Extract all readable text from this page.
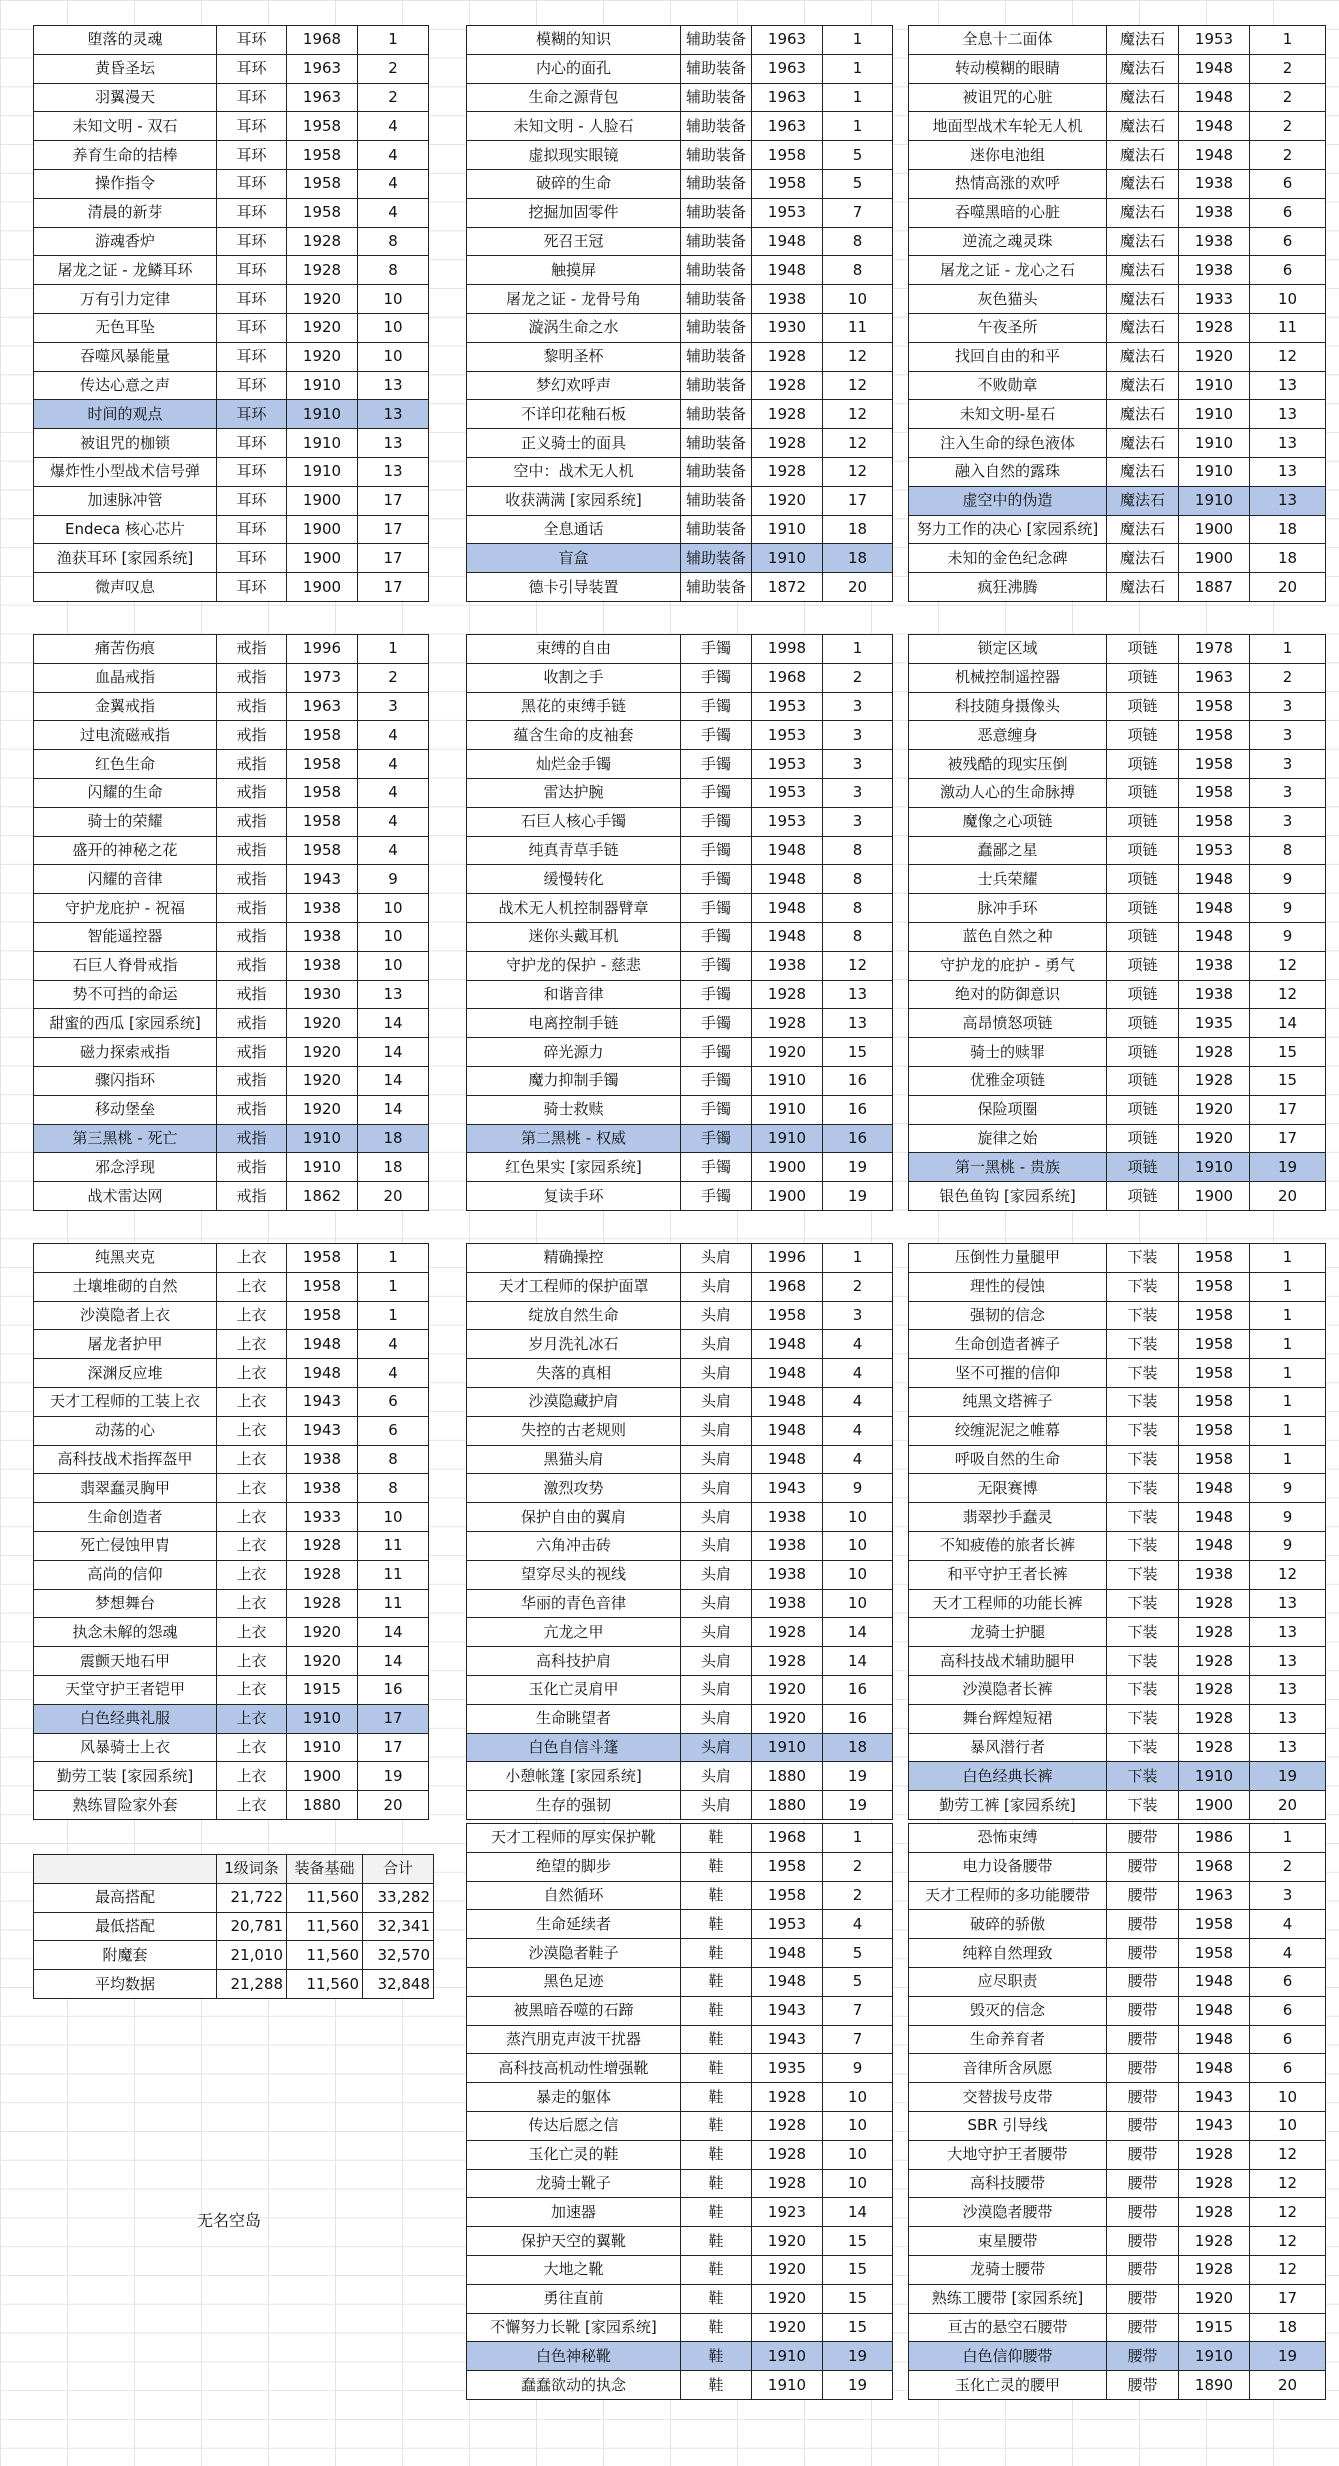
无名空岛
	1级词条	装备基础	合计
最高搭配	21,722	11,560	33,282
最低搭配	20,781	11,560	32,341
附魔套	21,010	11,560	32,570
平均数据	21,288	11,560	32,848
堕落的灵魂	耳环	1968	1
黄昏圣坛	耳环	1963	2
羽翼漫天	耳环	1963	2
未知文明 - 双石	耳环	1958	4
养育生命的拮棒	耳环	1958	4
操作指令	耳环	1958	4
清晨的新芽	耳环	1958	4
游魂香炉	耳环	1928	8
屠龙之证 - 龙鳞耳环	耳环	1928	8
万有引力定律	耳环	1920	10
无色耳坠	耳环	1920	10
吞噬风暴能量	耳环	1920	10
传达心意之声	耳环	1910	13
时间的观点	耳环	1910	13
被诅咒的枷锁	耳环	1910	13
爆炸性小型战术信号弹	耳环	1910	13
加速脉冲管	耳环	1900	17
Endeca 核心芯片	耳环	1900	17
渔获耳环 [家园系统]	耳环	1900	17
微声叹息	耳环	1900	17
模糊的知识	辅助装备	1963	1
内心的面孔	辅助装备	1963	1
生命之源背包	辅助装备	1963	1
未知文明 - 人脸石	辅助装备	1963	1
虚拟现实眼镜	辅助装备	1958	5
破碎的生命	辅助装备	1958	5
挖掘加固零件	辅助装备	1953	7
死召王冠	辅助装备	1948	8
触摸屏	辅助装备	1948	8
屠龙之证 - 龙骨号角	辅助装备	1938	10
漩涡生命之水	辅助装备	1930	11
黎明圣杯	辅助装备	1928	12
梦幻欢呼声	辅助装备	1928	12
不详印花釉石板	辅助装备	1928	12
正义骑士的面具	辅助装备	1928	12
空中：战术无人机	辅助装备	1928	12
收获满满 [家园系统]	辅助装备	1920	17
全息通话	辅助装备	1910	18
盲盒	辅助装备	1910	18
德卡引导装置	辅助装备	1872	20
全息十二面体	魔法石	1953	1
转动模糊的眼睛	魔法石	1948	2
被诅咒的心脏	魔法石	1948	2
地面型战术车轮无人机	魔法石	1948	2
迷你电池组	魔法石	1948	2
热情高涨的欢呼	魔法石	1938	6
吞噬黑暗的心脏	魔法石	1938	6
逆流之魂灵珠	魔法石	1938	6
屠龙之证 - 龙心之石	魔法石	1938	6
灰色猫头	魔法石	1933	10
午夜圣所	魔法石	1928	11
找回自由的和平	魔法石	1920	12
不败勋章	魔法石	1910	13
未知文明-星石	魔法石	1910	13
注入生命的绿色液体	魔法石	1910	13
融入自然的露珠	魔法石	1910	13
虚空中的伪造	魔法石	1910	13
努力工作的决心 [家园系统]	魔法石	1900	18
未知的金色纪念碑	魔法石	1900	18
疯狂沸腾	魔法石	1887	20
痛苦伤痕	戒指	1996	1
血晶戒指	戒指	1973	2
金翼戒指	戒指	1963	3
过电流磁戒指	戒指	1958	4
红色生命	戒指	1958	4
闪耀的生命	戒指	1958	4
骑士的荣耀	戒指	1958	4
盛开的神秘之花	戒指	1958	4
闪耀的音律	戒指	1943	9
守护龙庇护 - 祝福	戒指	1938	10
智能遥控器	戒指	1938	10
石巨人脊骨戒指	戒指	1938	10
势不可挡的命运	戒指	1930	13
甜蜜的西瓜 [家园系统]	戒指	1920	14
磁力探索戒指	戒指	1920	14
骤闪指环	戒指	1920	14
移动堡垒	戒指	1920	14
第三黑桃 - 死亡	戒指	1910	18
邪念浮现	戒指	1910	18
战术雷达网	戒指	1862	20
束缚的自由	手镯	1998	1
收割之手	手镯	1968	2
黑花的束缚手链	手镯	1953	3
蕴含生命的皮袖套	手镯	1953	3
灿烂金手镯	手镯	1953	3
雷达护腕	手镯	1953	3
石巨人核心手镯	手镯	1953	3
纯真青草手链	手镯	1948	8
缓慢转化	手镯	1948	8
战术无人机控制器臂章	手镯	1948	8
迷你头戴耳机	手镯	1948	8
守护龙的保护 - 慈悲	手镯	1938	12
和谐音律	手镯	1928	13
电离控制手链	手镯	1928	13
碎光源力	手镯	1920	15
魔力抑制手镯	手镯	1910	16
骑士救赎	手镯	1910	16
第二黑桃 - 权威	手镯	1910	16
红色果实 [家园系统]	手镯	1900	19
复读手环	手镯	1900	19
锁定区域	项链	1978	1
机械控制遥控器	项链	1963	2
科技随身摄像头	项链	1958	3
恶意缠身	项链	1958	3
被残酷的现实压倒	项链	1958	3
激动人心的生命脉搏	项链	1958	3
魔像之心项链	项链	1958	3
蠢鄙之星	项链	1953	8
士兵荣耀	项链	1948	9
脉冲手环	项链	1948	9
蓝色自然之种	项链	1948	9
守护龙的庇护 - 勇气	项链	1938	12
绝对的防御意识	项链	1938	12
高昂愤怒项链	项链	1935	14
骑士的赎罪	项链	1928	15
优雅金项链	项链	1928	15
保险项圈	项链	1920	17
旋律之始	项链	1920	17
第一黑桃 - 贵族	项链	1910	19
银色鱼钩 [家园系统]	项链	1900	20
纯黑夹克	上衣	1958	1
土壤堆砌的自然	上衣	1958	1
沙漠隐者上衣	上衣	1958	1
屠龙者护甲	上衣	1948	4
深渊反应堆	上衣	1948	4
天才工程师的工装上衣	上衣	1943	6
动荡的心	上衣	1943	6
高科技战术指挥盔甲	上衣	1938	8
翡翠蠢灵胸甲	上衣	1938	8
生命创造者	上衣	1933	10
死亡侵蚀甲胄	上衣	1928	11
高尚的信仰	上衣	1928	11
梦想舞台	上衣	1928	11
执念未解的怨魂	上衣	1920	14
震颤天地石甲	上衣	1920	14
天堂守护王者铠甲	上衣	1915	16
白色经典礼服	上衣	1910	17
风暴骑士上衣	上衣	1910	17
勤劳工装 [家园系统]	上衣	1900	19
熟练冒险家外套	上衣	1880	20
精确操控	头肩	1996	1
天才工程师的保护面罩	头肩	1968	2
绽放自然生命	头肩	1958	3
岁月洗礼冰石	头肩	1948	4
失落的真相	头肩	1948	4
沙漠隐藏护肩	头肩	1948	4
失控的古老规则	头肩	1948	4
黑猫头肩	头肩	1948	4
激烈攻势	头肩	1943	9
保护自由的翼肩	头肩	1938	10
六角冲击砖	头肩	1938	10
望穿尽头的视线	头肩	1938	10
华丽的青色音律	头肩	1938	10
亢龙之甲	头肩	1928	14
高科技护肩	头肩	1928	14
玉化亡灵肩甲	头肩	1920	16
生命眺望者	头肩	1920	16
白色自信斗篷	头肩	1910	18
小憩帐篷 [家园系统]	头肩	1880	19
生存的强韧	头肩	1880	19
压倒性力量腿甲	下装	1958	1
理性的侵蚀	下装	1958	1
强韧的信念	下装	1958	1
生命创造者裤子	下装	1958	1
坚不可摧的信仰	下装	1958	1
纯黑文塔裤子	下装	1958	1
绞缠泥泥之帷幕	下装	1958	1
呼吸自然的生命	下装	1958	1
无限赛博	下装	1948	9
翡翠抄手蠢灵	下装	1948	9
不知疲倦的旅者长裤	下装	1948	9
和平守护王者长裤	下装	1938	12
天才工程师的功能长裤	下装	1928	13
龙骑士护腿	下装	1928	13
高科技战术辅助腿甲	下装	1928	13
沙漠隐者长裤	下装	1928	13
舞台辉煌短裙	下装	1928	13
暴风潜行者	下装	1928	13
白色经典长裤	下装	1910	19
勤劳工裤 [家园系统]	下装	1900	20
天才工程师的厚实保护靴	鞋	1968	1
绝望的脚步	鞋	1958	2
自然循环	鞋	1958	2
生命延续者	鞋	1953	4
沙漠隐者鞋子	鞋	1948	5
黑色足迹	鞋	1948	5
被黑暗吞噬的石蹄	鞋	1943	7
蒸汽朋克声波干扰器	鞋	1943	7
高科技高机动性增强靴	鞋	1935	9
暴走的躯体	鞋	1928	10
传达后愿之信	鞋	1928	10
玉化亡灵的鞋	鞋	1928	10
龙骑士靴子	鞋	1928	10
加速器	鞋	1923	14
保护天空的翼靴	鞋	1920	15
大地之靴	鞋	1920	15
勇往直前	鞋	1920	15
不懈努力长靴 [家园系统]	鞋	1920	15
白色神秘靴	鞋	1910	19
蠢蠢欲动的执念	鞋	1910	19
恐怖束缚	腰带	1986	1
电力设备腰带	腰带	1968	2
天才工程师的多功能腰带	腰带	1963	3
破碎的骄傲	腰带	1958	4
纯粹自然理致	腰带	1958	4
应尽职责	腰带	1948	6
毁灭的信念	腰带	1948	6
生命养育者	腰带	1948	6
音律所含夙愿	腰带	1948	6
交替拔号皮带	腰带	1943	10
SBR 引导线	腰带	1943	10
大地守护王者腰带	腰带	1928	12
高科技腰带	腰带	1928	12
沙漠隐者腰带	腰带	1928	12
束星腰带	腰带	1928	12
龙骑士腰带	腰带	1928	12
熟练工腰带 [家园系统]	腰带	1920	17
亘古的悬空石腰带	腰带	1915	18
白色信仰腰带	腰带	1910	19
玉化亡灵的腰甲	腰带	1890	20
